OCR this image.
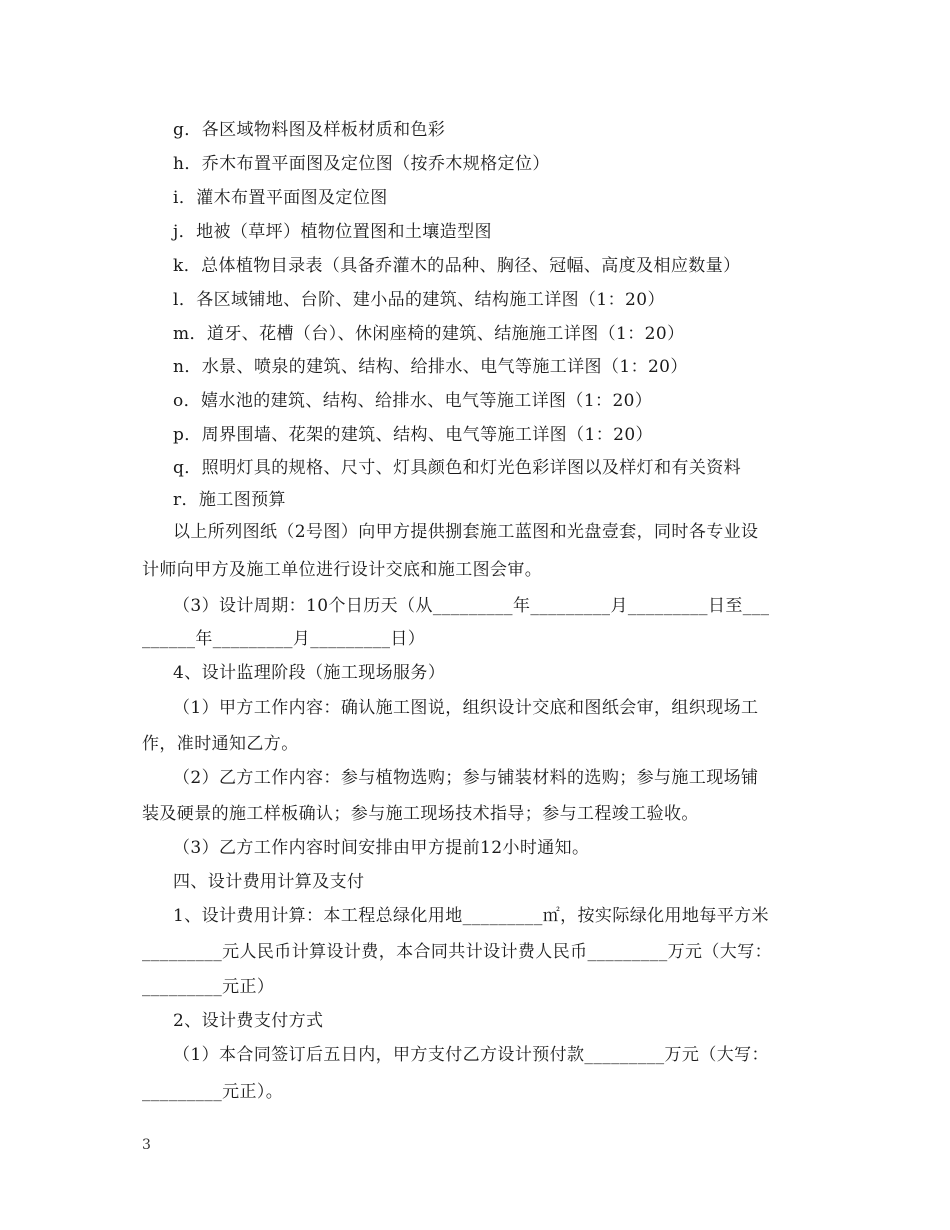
g．各区域物料图及样板材质和色彩
h．乔木布置平面图及定位图（按乔木规格定位）
i．灌木布置平面图及定位图
j．地被（草坪）植物位置图和土壤造型图
k．总体植物目录表（具备乔灌木的品种、胸径、冠幅、高度及相应数量）
l．各区域铺地、台阶、建小品的建筑、结构施工详图（1：20）
m．道牙、花槽（台）、休闲座椅的建筑、结施施工详图（1：20）
n．水景、喷泉的建筑、结构、给排水、电气等施工详图（1：20）
o．嬉水池的建筑、结构、给排水、电气等施工详图（1：20）
p．周界围墙、花架的建筑、结构、电气等施工详图（1：20）
q．照明灯具的规格、尺寸、灯具颜色和灯光色彩详图以及样灯和有关资料
r．施工图预算
以上所列图纸（2号图）向甲方提供捌套施工蓝图和光盘壹套，同时各专业设
计师向甲方及施工单位进行设计交底和施工图会审。
（3）设计周期：10个日历天（从_________年_________月_________日至___
______年_________月_________日）
4、设计监理阶段（施工现场服务）
（1）甲方工作内容：确认施工图说，组织设计交底和图纸会审，组织现场工
作，准时通知乙方。
（2）乙方工作内容：参与植物选购；参与铺装材料的选购；参与施工现场铺
装及硬景的施工样板确认；参与施工现场技术指导；参与工程竣工验收。
（3）乙方工作内容时间安排由甲方提前12小时通知。
四、设计费用计算及支付
1、设计费用计算：本工程总绿化用地_________㎡，按实际绿化用地每平方米
_________元人民币计算设计费，本合同共计设计费人民币_________万元（大写：
_________元正）
2、设计费支付方式
（1）本合同签订后五日内，甲方支付乙方设计预付款_________万元（大写：
_________元正）。
3
